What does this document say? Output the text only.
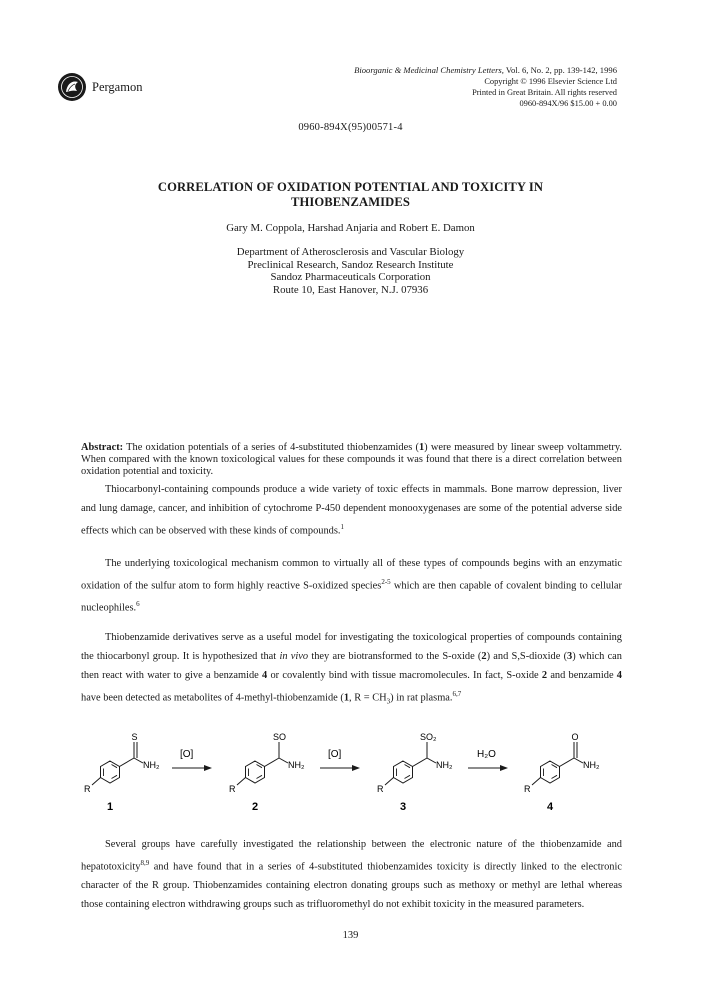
Pergamon
Bioorganic & Medicinal Chemistry Letters, Vol. 6, No. 2, pp. 139-142, 1996
Copyright © 1996 Elsevier Science Ltd
Printed in Great Britain. All rights reserved
0960-894X/96 $15.00 + 0.00
0960-894X(95)00571-4
CORRELATION OF OXIDATION POTENTIAL AND TOXICITY IN
THIOBENZAMIDES
Gary M. Coppola, Harshad Anjaria and Robert E. Damon
Department of Atherosclerosis and Vascular Biology
Preclinical Research, Sandoz Research Institute
Sandoz Pharmaceuticals Corporation
Route 10, East Hanover, N.J. 07936
Abstract: The oxidation potentials of a series of 4-substituted thiobenzamides (1) were measured by linear sweep voltammetry. When compared with the known toxicological values for these compounds it was found that there is a direct correlation between oxidation potential and toxicity.
Thiocarbonyl-containing compounds produce a wide variety of toxic effects in mammals. Bone marrow depression, liver and lung damage, cancer, and inhibition of cytochrome P-450 dependent monooxygenases are some of the potential adverse side effects which can be observed with these kinds of compounds.$^1$
The underlying toxicological mechanism common to virtually all of these types of compounds begins with an enzymatic oxidation of the sulfur atom to form highly reactive S-oxidized species$^{2-5}$ which are then capable of covalent binding to cellular nucleophiles.$^6$
Thiobenzamide derivatives serve as a useful model for investigating the toxicological properties of compounds containing the thiocarbonyl group. It is hypothesized that in vivo they are biotransformed to the S-oxide (2) and S,S-dioxide (3) which can then react with water to give a benzamide 4 or covalently bind with tissue macromolecules. In fact, S-oxide 2 and benzamide 4 have been detected as metabolites of 4-methyl-thiobenzamide (1, $R = CH_3$) in rat plasma.$^{6,7}$
S
NH₂
R
[O]
SO
NH₂
R
[O]
SO₂
NH₂
R
H₂O
O
NH₂
R
1	2	3	4
Several groups have carefully investigated the relationship between the electronic nature of the thiobenzamide and hepatotoxicity$^{8,9}$ and have found that in a series of 4-substituted thiobenzamides toxicity is directly linked to the electronic character of the R group. Thiobenzamides containing electron donating groups such as methoxy or methyl are lethal whereas those containing electron withdrawing groups such as trifluoromethyl do not exhibit toxicity in the measured parameters.
139
